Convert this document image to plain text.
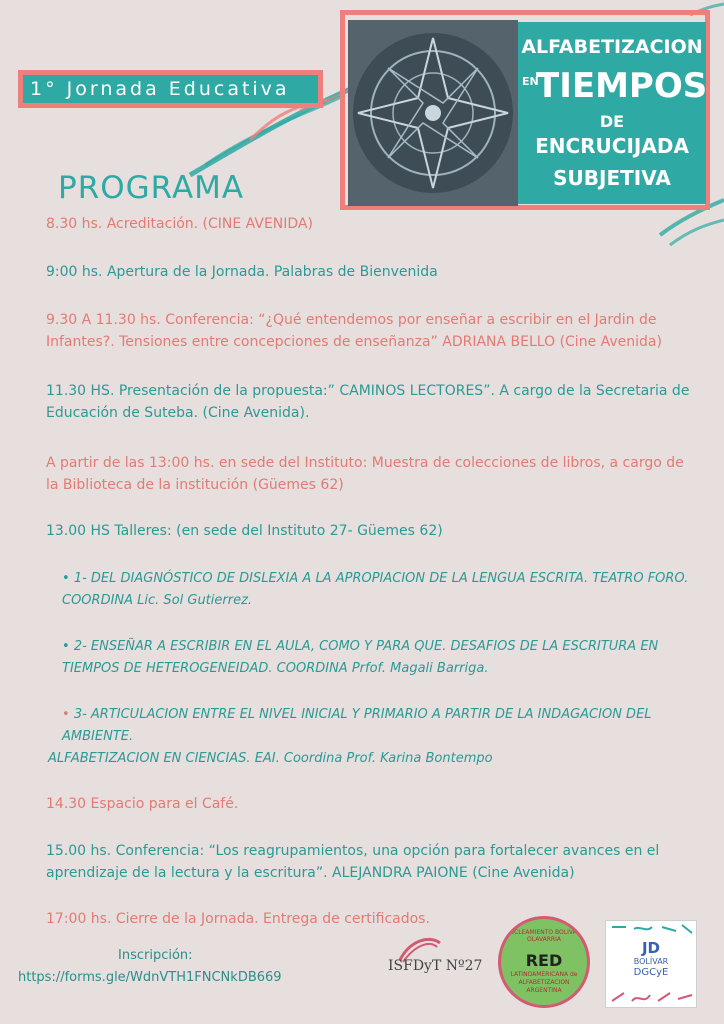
1° Jornada Educativa
ALFABETIZACION
EN
TIEMPOS
DE
ENCRUCIJADA
SUBJETIVA
PROGRAMA
8.30 hs. Acreditación. (CINE AVENIDA)
9:00 hs. Apertura de la Jornada. Palabras de Bienvenida
9.30 A 11.30 hs. Conferencia: “¿Qué entendemos por enseñar a escribir en el Jardin de Infantes?. Tensiones entre concepciones de enseñanza” ADRIANA BELLO (Cine Avenida)
11.30 HS. Presentación de la propuesta:” CAMINOS LECTORES”. A cargo de la Secretaria de Educación de Suteba. (Cine Avenida).
A partir de las 13:00 hs. en sede del Instituto: Muestra de colecciones de libros, a cargo de la Biblioteca de la institución (Güemes 62)
13.00 HS Talleres: (en sede del Instituto 27- Güemes 62)
• 1- DEL DIAGNÓSTICO DE DISLEXIA A LA APROPIACION DE LA LENGUA ESCRITA. TEATRO FORO. COORDINA Lic. Sol Gutierrez.
• 2- ENSEÑAR A ESCRIBIR EN EL AULA, COMO Y PARA QUE. DESAFIOS DE LA ESCRITURA EN TIEMPOS DE HETEROGENEIDAD. COORDINA Prfof. Magali Barriga.
• 3- ARTICULACION ENTRE EL NIVEL INICIAL Y PRIMARIO A PARTIR DE LA INDAGACION DEL AMBIENTE.
ALFABETIZACION EN CIENCIAS. EAI. Coordina Prof. Karina Bontempo
14.30 Espacio para el Café.
15.00 hs. Conferencia: “Los reagrupamientos, una opción para fortalecer avances en el aprendizaje de la lectura y la escritura”. ALEJANDRA PAIONE (Cine Avenida)
17:00 hs. Cierre de la Jornada. Entrega de certificados.
Inscripción:
https://forms.gle/WdnVTH1FNCNkDB669
ISFDyT Nº27
NUCLEAMIENTO BOLIVAR-OLAVARRIA
RED
LATINOAMERICANA de ALFABETIZACION ARGENTINA
JD
BOLÍVAR
DGCyE
